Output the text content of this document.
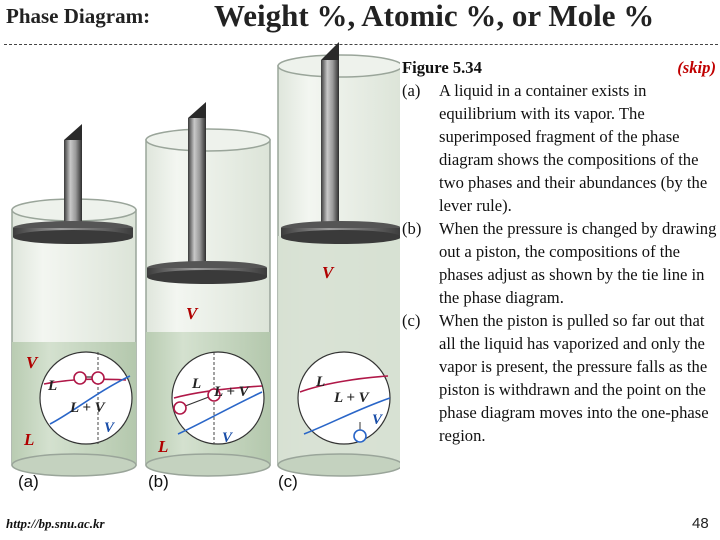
Phase Diagram: Weight %, Atomic %, or Mole %
V
L
V
L
V
L
L + V
V
L L + V
V
L
L + V
V
(a)	(b)	(c)
Figure 5.34	(skip)
(a) A liquid in a container exists in equilibrium with its vapor. The superimposed fragment of the phase diagram shows the compositions of the two phases and their abundances (by the lever rule).
(b) When the pressure is changed by drawing out a piston, the compositions of the phases adjust as shown by the tie line in the phase diagram.
(c) When the piston is pulled so far out that all the liquid has vaporized and only the vapor is present, the pressure falls as the piston is withdrawn and the point on the phase diagram moves into the one-phase region.
http://bp.snu.ac.kr	48
